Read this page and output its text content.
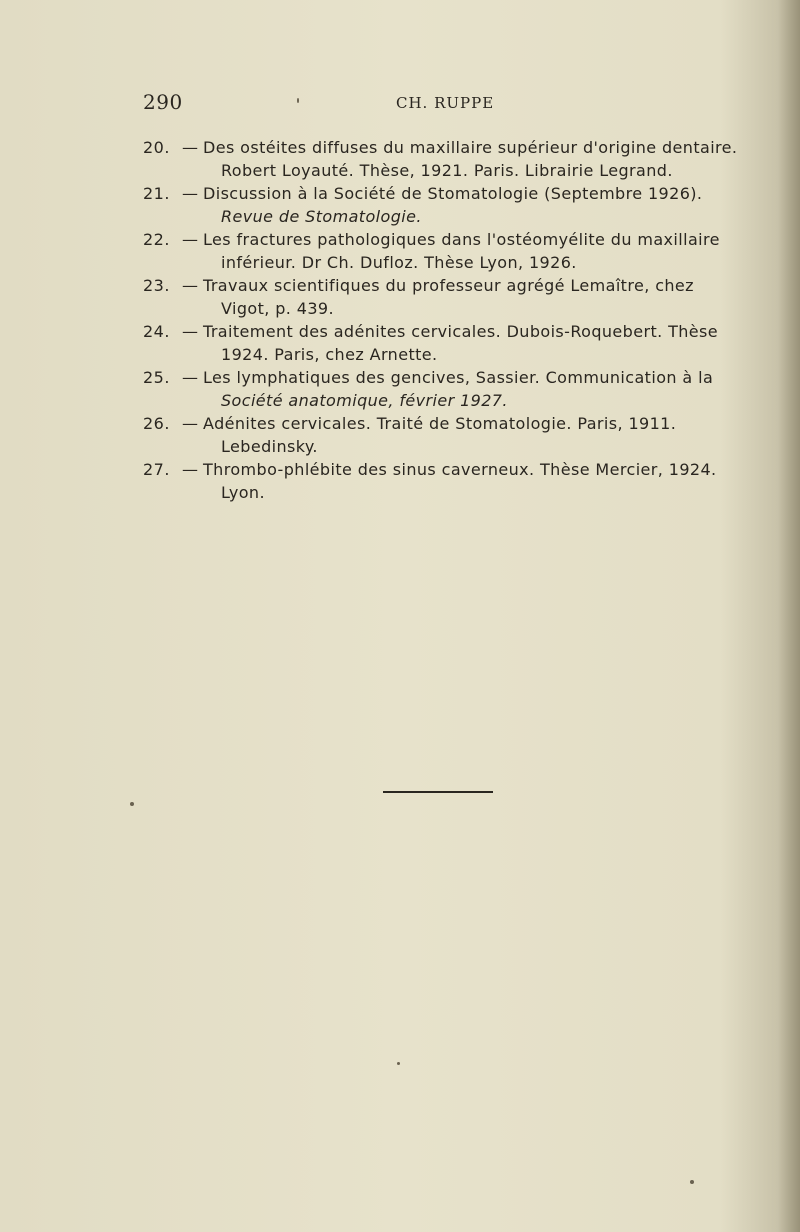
290	CH. RUPPE
20. — Des ostéites diffuses du maxillaire supérieur d'origine dentaire.
Robert Loyauté. Thèse, 1921. Paris. Librairie Legrand.
21. — Discussion à la Société de Stomatologie (Septembre 1926).
Revue de Stomatologie.
22. — Les fractures pathologiques dans l'ostéomyélite du maxillaire
inférieur. Dr Ch. Dufloz. Thèse Lyon, 1926.
23. — Travaux scientifiques du professeur agrégé Lemaître, chez
Vigot, p. 439.
24. — Traitement des adénites cervicales. Dubois-Roquebert. Thèse
1924. Paris, chez Arnette.
25. — Les lymphatiques des gencives, Sassier. Communication à la
Société anatomique, février 1927.
26. — Adénites cervicales. Traité de Stomatologie. Paris, 1911.
Lebedinsky.
27. — Thrombo-phlébite des sinus caverneux. Thèse Mercier, 1924.
Lyon.
